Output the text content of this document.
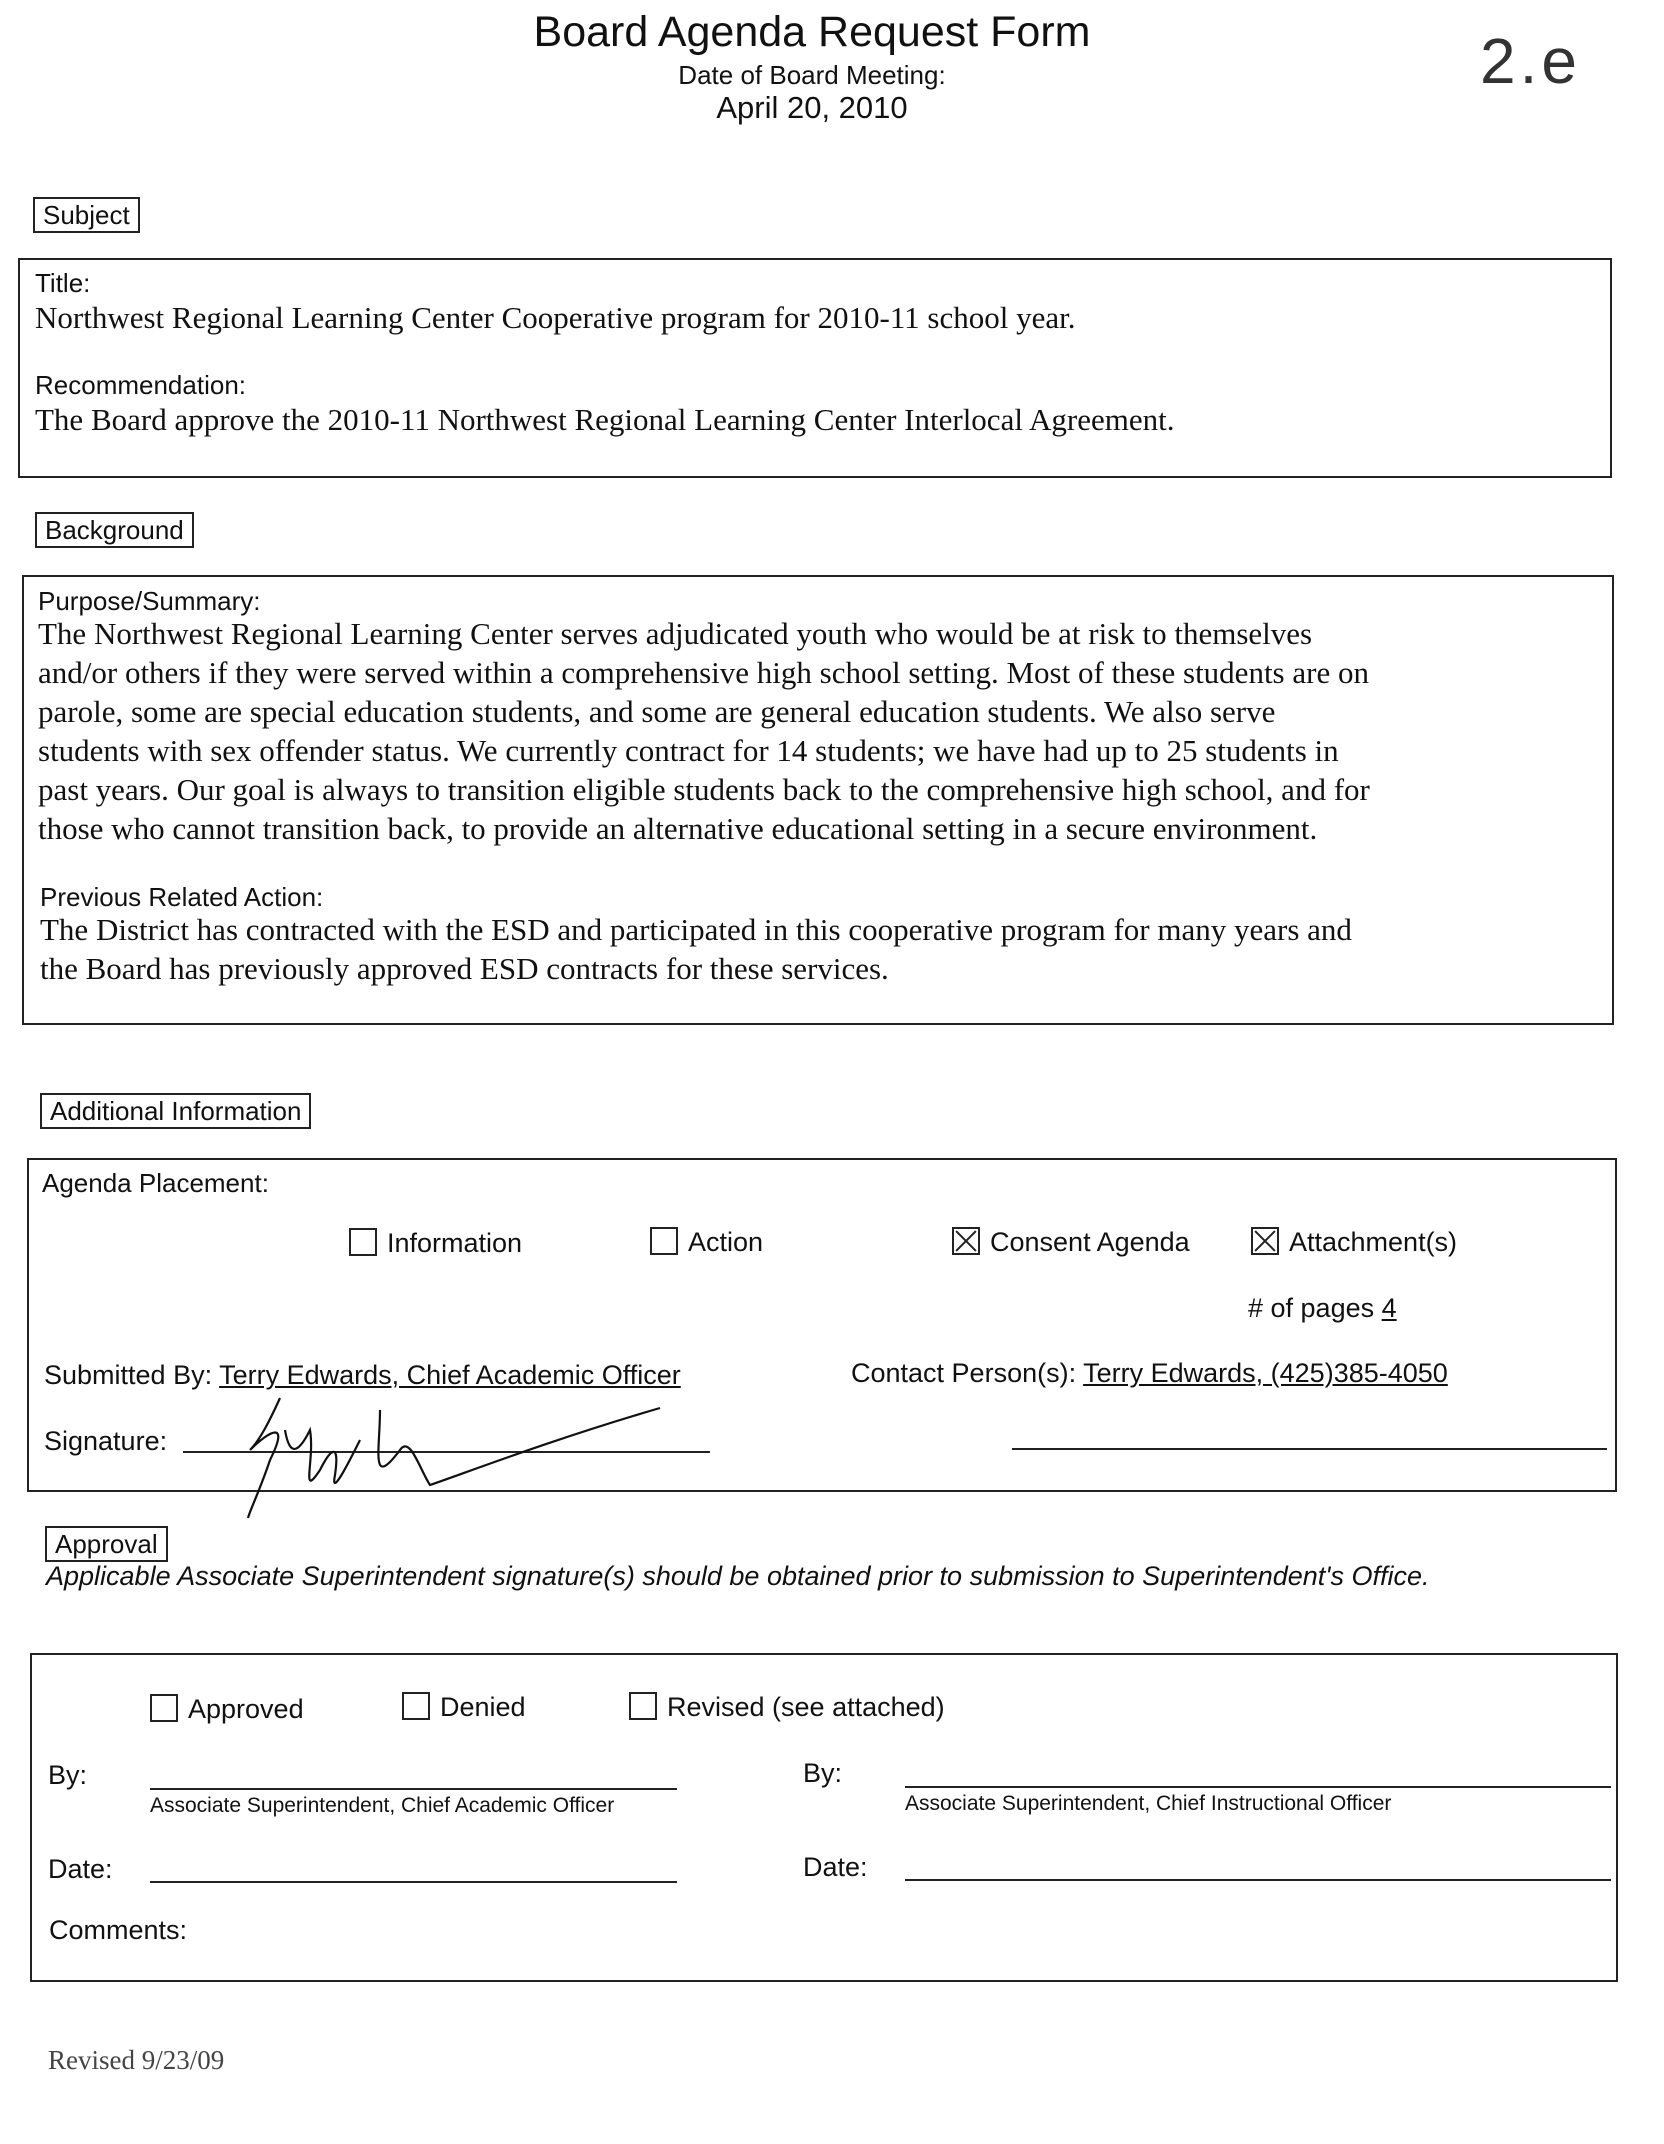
Board Agenda Request Form
Date of Board Meeting:
April 20, 2010
2.e
Subject
Title:
Northwest Regional Learning Center Cooperative program for 2010-11 school year.
Recommendation:
The Board approve the 2010-11 Northwest Regional Learning Center Interlocal Agreement.
Background
Purpose/Summary:
The Northwest Regional Learning Center serves adjudicated youth who would be at risk to themselves
and/or others if they were served within a comprehensive high school setting. Most of these students are on
parole, some are special education students, and some are general education students. We also serve
students with sex offender status. We currently contract for 14 students; we have had up to 25 students in
past years. Our goal is always to transition eligible students back to the comprehensive high school, and for
those who cannot transition back, to provide an alternative educational setting in a secure environment.
Previous Related Action:
The District has contracted with the ESD and participated in this cooperative program for many years and
the Board has previously approved ESD contracts for these services.
Additional Information
Agenda Placement:
Information	Action	Consent Agenda	Attachment(s)
# of pages 4
Submitted By: Terry Edwards, Chief Academic Officer	Contact Person(s): Terry Edwards, (425)385-4050
Signature:
Approval
Applicable Associate Superintendent signature(s) should be obtained prior to submission to Superintendent's Office.
Approved	Denied	Revised (see attached)
By:
Associate Superintendent, Chief Academic Officer
By:
Associate Superintendent, Chief Instructional Officer
Date:	Date:
Comments:
Revised 9/23/09
